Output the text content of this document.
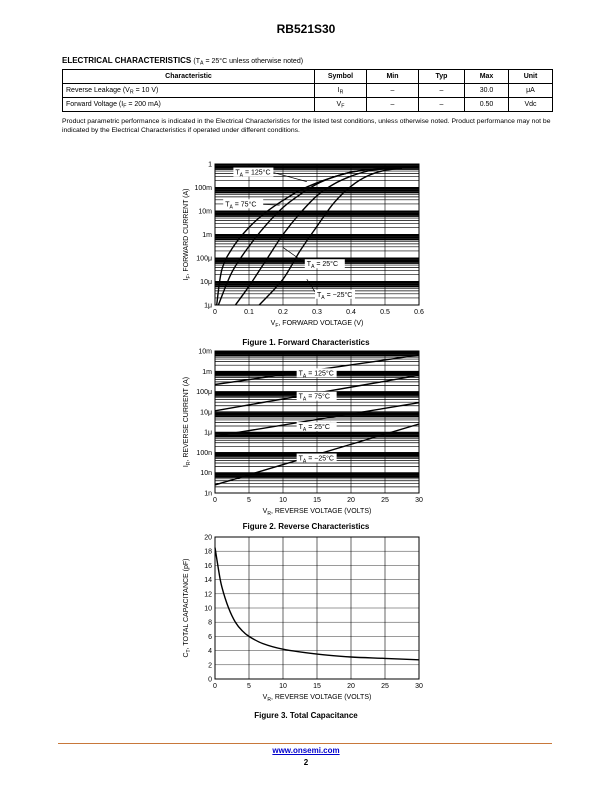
RB521S30
ELECTRICAL CHARACTERISTICS ($T_A = 25^\circ C$ unless otherwise noted)
Characteristic	Symbol	Min	Typ	Max	Unit
Reverse Leakage ($V_R = 10$ V)	$I_R$	–	–	30.0	μA
Forward Voltage ($I_F = 200$ mA)	$V_F$	–	–	0.50	Vdc
Product parametric performance is indicated in the Electrical Characteristics for the listed test conditions, unless otherwise noted. Product performance may not be indicated by the Electrical Characteristics if operated under different conditions.
0	0.1	0.2	0.3	0.4	0.5	0.6
1μ
10μ
100μ
1m
10m
100m
1
$V_F$, FORWARD VOLTAGE (V)
$I_F$, FORWARD CURRENT (A)
$T_A = 125^\circ C$
$T_A = 75^\circ C$
$T_A = 25^\circ C$
$T_A = -25^\circ C$
0	5	10	15	20	25	30
1n
10n
100n
1μ
10μ
100μ
1m
10m
$V_R$, REVERSE VOLTAGE (VOLTS)
$I_R$, REVERSE CURRENT (A)
$T_A = 125^\circ C$
$T_A = 75^\circ C$
$T_A = 25^\circ C$
$T_A = -25^\circ C$
0	5	10	15	20	25	30
0
2
4
6
8
10
12
14
16
18
20
$V_R$, REVERSE VOLTAGE (VOLTS)
$C_T$, TOTAL CAPACITANCE (pF)
Figure 1. Forward Characteristics
Figure 2. Reverse Characteristics
Figure 3. Total Capacitance
www.onsemi.com
2
